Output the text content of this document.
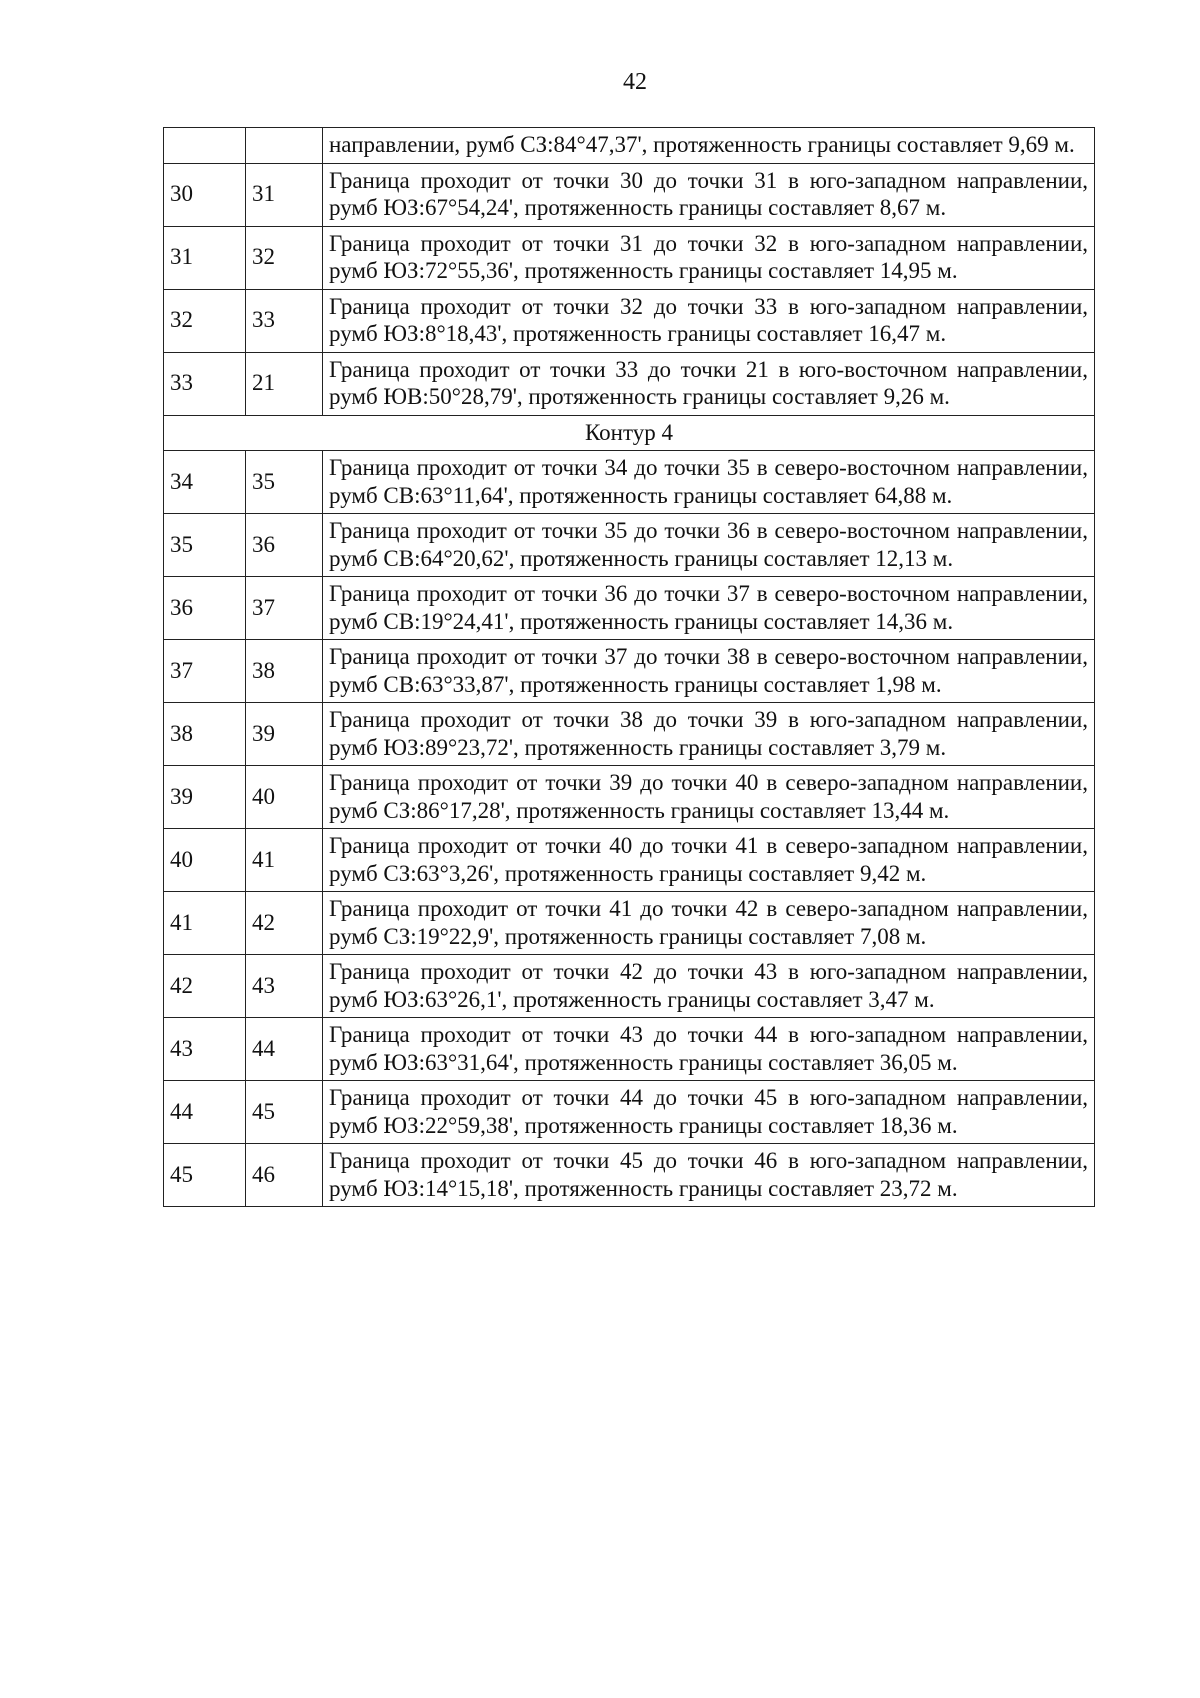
42
		направлении, румб СЗ:84°47,37', протяженность границы составляет 9,69 м.
30	31	Граница проходит от точки 30 до точки 31 в юго-западном направлении, румб ЮЗ:67°54,24', протяженность границы составляет 8,67 м.
31	32	Граница проходит от точки 31 до точки 32 в юго-западном направлении, румб ЮЗ:72°55,36', протяженность границы составляет 14,95 м.
32	33	Граница проходит от точки 32 до точки 33 в юго-западном направлении, румб ЮЗ:8°18,43', протяженность границы составляет 16,47 м.
33	21	Граница проходит от точки 33 до точки 21 в юго-восточном направлении, румб ЮВ:50°28,79', протяженность границы составляет 9,26 м.
Контур 4		
34	35	Граница проходит от точки 34 до точки 35 в северо-восточном направлении, румб СВ:63°11,64', протяженность границы составляет 64,88 м.
35	36	Граница проходит от точки 35 до точки 36 в северо-восточном направлении, румб СВ:64°20,62', протяженность границы составляет 12,13 м.
36	37	Граница проходит от точки 36 до точки 37 в северо-восточном направлении, румб СВ:19°24,41', протяженность границы составляет 14,36 м.
37	38	Граница проходит от точки 37 до точки 38 в северо-восточном направлении, румб СВ:63°33,87', протяженность границы составляет 1,98 м.
38	39	Граница проходит от точки 38 до точки 39 в юго-западном направлении, румб ЮЗ:89°23,72', протяженность границы составляет 3,79 м.
39	40	Граница проходит от точки 39 до точки 40 в северо-западном направлении, румб СЗ:86°17,28', протяженность границы составляет 13,44 м.
40	41	Граница проходит от точки 40 до точки 41 в северо-западном направлении, румб СЗ:63°3,26', протяженность границы составляет 9,42 м.
41	42	Граница проходит от точки 41 до точки 42 в северо-западном направлении, румб СЗ:19°22,9', протяженность границы составляет 7,08 м.
42	43	Граница проходит от точки 42 до точки 43 в юго-западном направлении, румб ЮЗ:63°26,1', протяженность границы составляет 3,47 м.
43	44	Граница проходит от точки 43 до точки 44 в юго-западном направлении, румб ЮЗ:63°31,64', протяженность границы составляет 36,05 м.
44	45	Граница проходит от точки 44 до точки 45 в юго-западном направлении, румб ЮЗ:22°59,38', протяженность границы составляет 18,36 м.
45	46	Граница проходит от точки 45 до точки 46 в юго-западном направлении, румб ЮЗ:14°15,18', протяженность границы составляет 23,72 м.
